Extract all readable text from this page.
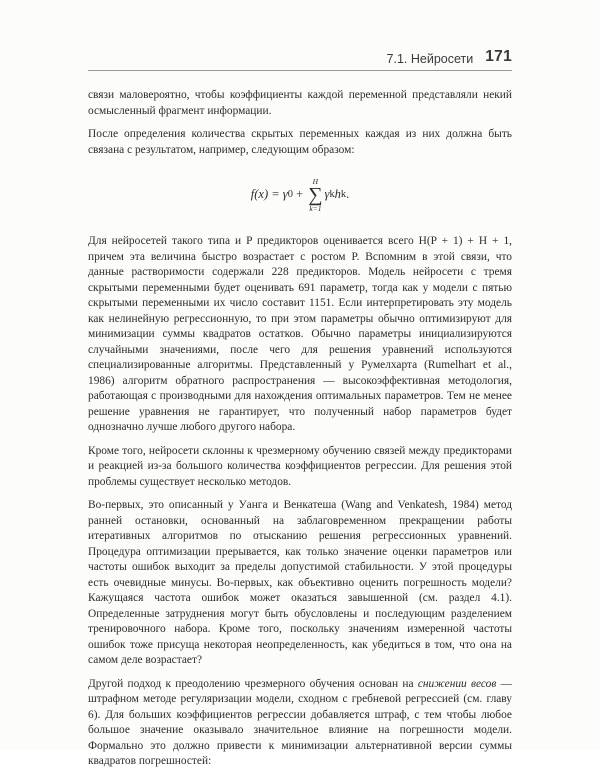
7.1. Нейросети 171

связи маловероятно, чтобы коэффициенты каждой переменной представляли некий осмысленный фрагмент информации.

После определения количества скрытых переменных каждая из них должна быть связана с результатом, например, следующим образом:

f(x) = γ 0 +
H
∑
k=1
γ k h k .

Для нейросетей такого типа и P предикторов оценивается всего H(P + 1) + H + 1, причем эта величина быстро возрастает с ростом P. Вспомним в этой связи, что данные растворимости содержали 228 предикторов. Модель нейросети с тремя скрытыми переменными будет оценивать 691 параметр, тогда как у модели с пятью скрытыми переменными их число составит 1151. Если интерпретировать эту модель как нелинейную регрессионную, то при этом параметры обычно оптимизируют для минимизации суммы квадратов остатков. Обычно параметры инициализируются случайными значениями, после чего для решения уравнений используются специализированные алгоритмы. Представленный у Румелхарта (Rumelhart et al., 1986) алгоритм обратного распространения — высокоэффективная методология, работающая с производными для нахождения оптимальных параметров. Тем не менее решение уравнения не гарантирует, что полученный набор параметров будет однозначно лучше любого другого набора.

Кроме того, нейросети склонны к чрезмерному обучению связей между предикторами и реакцией из-за большого количества коэффициентов регрессии. Для решения этой проблемы существует несколько методов.

Во-первых, это описанный у Уанга и Венкатеша (Wang and Venkatesh, 1984) метод ранней остановки, основанный на заблаговременном прекращении работы итеративных алгоритмов по отысканию решения регрессионных уравнений. Процедура оптимизации прерывается, как только значение оценки параметров или частоты ошибок выходит за пределы допустимой стабильности. У этой процедуры есть очевидные минусы. Во-первых, как объективно оценить погрешность модели? Кажущаяся частота ошибок может оказаться завышенной (см. раздел 4.1). Определенные затруднения могут быть обусловлены и последующим разделением тренировочного набора. Кроме того, поскольку значениям измеренной частоты ошибок тоже присуща некоторая неопределенность, как убедиться в том, что она на самом деле возрастает?

Другой подход к преодолению чрезмерного обучения основан на снижении весов — штрафном методе регуляризации модели, сходном с гребневой регрессией (см. главу 6). Для больших коэффициентов регрессии добавляется штраф, с тем чтобы любое большое значение оказывало значительное влияние на погрешности модели. Формально это должно привести к минимизации альтернативной версии суммы квадратов погрешностей:
